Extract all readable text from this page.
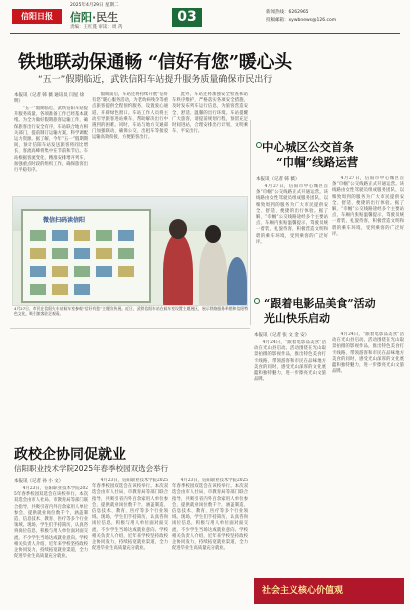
2025年4月29日 星期二
信阳日报	信阳·民生
责编：王红蔓 审读：周 芮
03	新闻热线：6262965
投稿邮箱：xywbnews@126.com
铁地联动保通畅 “信好有您”暖心头
“五一”假期临近，武铁信阳车站提升服务质量确保市民出行
本报讯（记者 韩 薇 通讯员 闫星 徐明）
“五一”假期临近，武铁信阳车站提升服务质量，各项准备工作已经基本就绪。为全力做好假期旅客运输工作，确保旅客出行安全有序，车站联合地方相关部门，提前制订运输方案，科学调配运力资源。据了解，今年“五一”假期期间，预计信阳车站发送旅客将同比增长，客流高峰将集中在节前和节后。车站根据客流变化，精准安排增开列车，加强重点时段的组织工作，确保旅客出行平稳有序。
假期前后，车站还将持续开展“信好有您”暖心服务活动，为老幼病残孕等重点旅客提供全程预约服务，设置爱心通道，开辟绿色窗口。车站工作人员将主动引导旅客进站乘车，帮助解决出行中遇到的困难。同时，车站与地方交通部门加强联动，确保公交、出租车等接驳运输高效衔接，方便旅客出行。
此外，车站还将加强安全检查和站车秩序维护，严格落实各项安全措施，及时发布列车运行信息，为旅客营造安全、舒适、温馨的出行环境。车站提醒广大旅客，请提前规划行程，预留充足时间进站，合理安排出行计划，文明乘车、平安出行。
微信扫码读信阳
4月27日，市民在信阳火车站候车室参观“信好有您”主题宣传展。近日，武铁信阳车站在候车室设置主题展区，展示铁路服务举措和信阳特色文化，吸引旅客驻足观看。
中心城区公交首条
“巾帼”线路运营
本报讯（记者 韩 薇）
4月27日，信阳市中心城区首条“巾帼”公交线路正式开通运营。该线路由女性驾驶员组成服务团队，以细致周到的服务为广大市民提供安全、舒适、便捷的出行体验。据了解，“巾帼”公交线路途经多个主要站点，车厢内张贴温馨提示，驾驶员统一着装，礼貌待客，积极营造文明和谐的乘车环境，受到乘客的广泛好评。
4月27日，信阳市中心城区首条“巾帼”公交线路正式开通运营。该线路由女性驾驶员组成服务团队，以细致周到的服务为广大市民提供安全、舒适、便捷的出行体验。据了解，“巾帼”公交线路途经多个主要站点，车厢内张贴温馨提示，驾驶员统一着装，礼貌待客，积极营造文明和谐的乘车环境，受到乘客的广泛好评。
“跟着电影品美食”活动
光山快乐启动
本报讯（记者 张 文 金 安）
4月24日，“跟着电影品美食”活动在光山县启动。活动围绕在光山取景拍摄的影视作品，推出特色美食打卡线路，带领游客和市民在品味地方美食的同时，感受光山深厚的文化底蕴和独特魅力，进一步擦亮光山文旅品牌。
4月24日，“跟着电影品美食”活动在光山县启动。活动围绕在光山取景拍摄的影视作品，推出特色美食打卡线路，带领游客和市民在品味地方美食的同时，感受光山深厚的文化底蕴和独特魅力，进一步擦亮光山文旅品牌。
政校企协同促就业
信阳职业技术学院2025年春季校园双选会举行
本报讯（记者 孙 小 文）
4月23日，信阳职业技术学院2025年春季校园双选会在该校举行。本次双选会由市人社局、市教育局等部门联合指导，共吸引省内外百余家用人单位参会，提供就业岗位数千个，涵盖制造、信息技术、教育、医疗等多个行业领域。现场，学生们手持简历，认真咨询岗位信息，积极与用人单位面对面交流，不少学生当场达成就业意向。学校相关负责人介绍，近年来学校坚持政校企协同发力，持续拓宽就业渠道，全力促进毕业生高质量充分就业。
4月23日，信阳职业技术学院2025年春季校园双选会在该校举行。本次双选会由市人社局、市教育局等部门联合指导，共吸引省内外百余家用人单位参会，提供就业岗位数千个，涵盖制造、信息技术、教育、医疗等多个行业领域。现场，学生们手持简历，认真咨询岗位信息，积极与用人单位面对面交流，不少学生当场达成就业意向。学校相关负责人介绍，近年来学校坚持政校企协同发力，持续拓宽就业渠道，全力促进毕业生高质量充分就业。
4月23日，信阳职业技术学院2025年春季校园双选会在该校举行。本次双选会由市人社局、市教育局等部门联合指导，共吸引省内外百余家用人单位参会，提供就业岗位数千个，涵盖制造、信息技术、教育、医疗等多个行业领域。现场，学生们手持简历，认真咨询岗位信息，积极与用人单位面对面交流，不少学生当场达成就业意向。学校相关负责人介绍，近年来学校坚持政校企协同发力，持续拓宽就业渠道，全力促进毕业生高质量充分就业。
社会主义核心价值观
